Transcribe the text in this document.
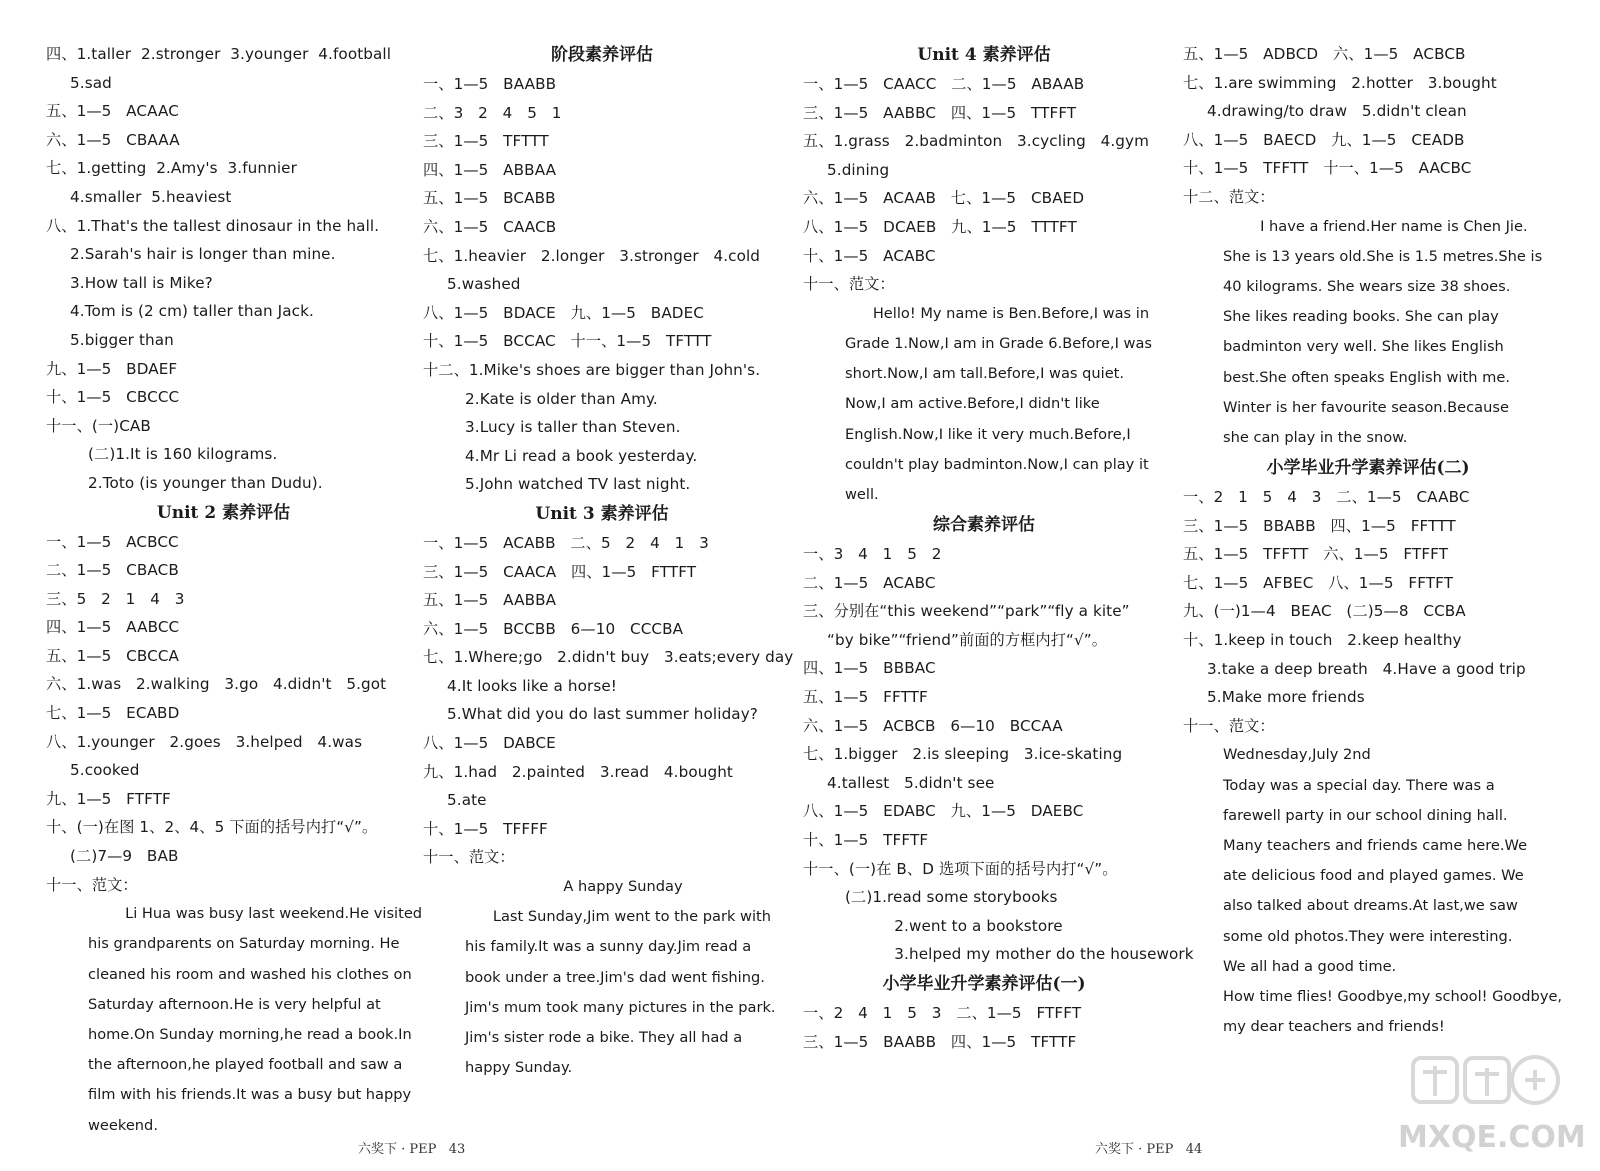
四、1.taller  2.stronger  3.younger  4.football
5.sad
五、1—5   ACAAC
六、1—5   CBAAA
七、1.getting  2.Amy's  3.funnier
4.smaller  5.heaviest
八、1.That's the tallest dinosaur in the hall.
2.Sarah's hair is longer than mine.
3.How tall is Mike?
4.Tom is (2 cm) taller than Jack.
5.bigger than
九、1—5   BDAEF
十、1—5   CBCCC
十一、(一)CAB
(二)1.It is 160 kilograms.
2.Toto (is younger than Dudu).
Unit 2 素养评估
一、1—5   ACBCC
二、1—5   CBACB
三、5   2   1   4   3
四、1—5   AABCC
五、1—5   CBCCA
六、1.was   2.walking   3.go   4.didn't   5.got
七、1—5   ECABD
八、1.younger   2.goes   3.helped   4.was
5.cooked
九、1—5   FTFTF
十、(一)在图 1、2、4、5 下面的括号内打“√”。
(二)7—9   BAB
十一、范文：
Li Hua was busy last weekend.He visited
his grandparents on Saturday morning. He
cleaned his room and washed his clothes on
Saturday afternoon.He is very helpful at
home.On Sunday morning,he read a book.In
the afternoon,he played football and saw a
film with his friends.It was a busy but happy
weekend.
阶段素养评估
一、1—5   BAABB
二、3   2   4   5   1
三、1—5   TFTTT
四、1—5   ABBAA
五、1—5   BCABB
六、1—5   CAACB
七、1.heavier   2.longer   3.stronger   4.cold
5.washed
八、1—5   BDACE   九、1—5   BADEC
十、1—5   BCCAC   十一、1—5   TFTTT
十二、1.Mike's shoes are bigger than John's.
2.Kate is older than Amy.
3.Lucy is taller than Steven.
4.Mr Li read a book yesterday.
5.John watched TV last night.
Unit 3 素养评估
一、1—5   ACABB   二、5   2   4   1   3
三、1—5   CAACA   四、1—5   FTTFT
五、1—5   AABBA
六、1—5   BCCBB   6—10   CCCBA
七、1.Where;go   2.didn't buy   3.eats;every day
4.It looks like a horse!
5.What did you do last summer holiday?
八、1—5   DABCE
九、1.had   2.painted   3.read   4.bought
5.ate
十、1—5   TFFFF
十一、范文：
A happy Sunday
Last Sunday,Jim went to the park with
his family.It was a sunny day.Jim read a
book under a tree.Jim's dad went fishing.
Jim's mum took many pictures in the park.
Jim's sister rode a bike. They all had a
happy Sunday.
Unit 4 素养评估
一、1—5   CAACC   二、1—5   ABAAB
三、1—5   AABBC   四、1—5   TTFFT
五、1.grass   2.badminton   3.cycling   4.gym
5.dining
六、1—5   ACAAB   七、1—5   CBAED
八、1—5   DCAEB   九、1—5   TTTFT
十、1—5   ACABC
十一、范文：
Hello! My name is Ben.Before,I was in
Grade 1.Now,I am in Grade 6.Before,I was
short.Now,I am tall.Before,I was quiet.
Now,I am active.Before,I didn't like
English.Now,I like it very much.Before,I
couldn't play badminton.Now,I can play it
well.
综合素养评估
一、3   4   1   5   2
二、1—5   ACABC
三、分别在“this weekend”“park”“fly a kite”
“by bike”“friend”前面的方框内打“√”。
四、1—5   BBBAC
五、1—5   FFTTF
六、1—5   ACBCB   6—10   BCCAA
七、1.bigger   2.is sleeping   3.ice-skating
4.tallest   5.didn't see
八、1—5   EDABC   九、1—5   DAEBC
十、1—5   TFFTF
十一、(一)在 B、D 选项下面的括号内打“√”。
(二)1.read some storybooks
2.went to a bookstore
3.helped my mother do the housework
小学毕业升学素养评估(一)
一、2   4   1   5   3   二、1—5   FTFFT
三、1—5   BAABB   四、1—5   TFTTF
五、1—5   ADBCD   六、1—5   ACBCB
七、1.are swimming   2.hotter   3.bought
4.drawing/to draw   5.didn't clean
八、1—5   BAECD   九、1—5   CEADB
十、1—5   TFFTT   十一、1—5   AACBC
十二、范文：
I have a friend.Her name is Chen Jie.
She is 13 years old.She is 1.5 metres.She is
40 kilograms. She wears size 38 shoes.
She likes reading books. She can play
badminton very well. She likes English
best.She often speaks English with me.
Winter is her favourite season.Because
she can play in the snow.
小学毕业升学素养评估(二)
一、2   1   5   4   3   二、1—5   CAABC
三、1—5   BBABB   四、1—5   FFTTT
五、1—5   TFFTT   六、1—5   FTFFT
七、1—5   AFBEC   八、1—5   FFTFT
九、(一)1—4   BEAC   (二)5—8   CCBA
十、1.keep in touch   2.keep healthy
3.take a deep breath   4.Have a good trip
5.Make more friends
十一、范文：
Wednesday,July 2nd
Today was a special day. There was a
farewell party in our school dining hall.
Many teachers and friends came here.We
ate delicious food and played games. We
also talked about dreams.At last,we saw
some old photos.They were interesting.
We all had a good time.
How time flies! Goodbye,my school! Goodbye,
my dear teachers and friends!
六奖下 · PEP   43	六奖下 · PEP   44	MXQE.COM
